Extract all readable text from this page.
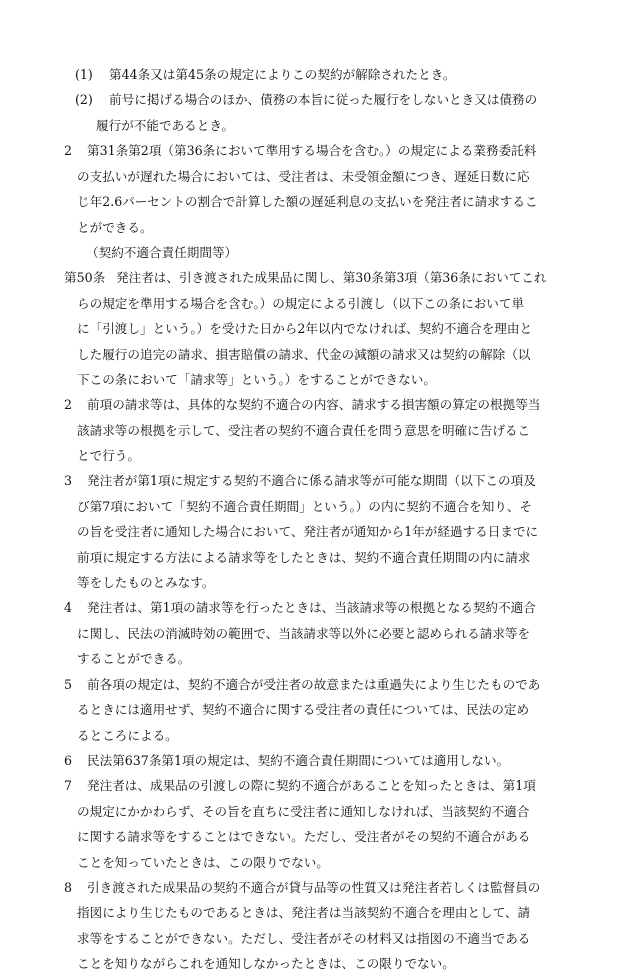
(1) 第44条又は第45条の規定によりこの契約が解除されたとき。
(2) 前号に掲げる場合のほか、債務の本旨に従った履行をしないとき又は債務の
履行が不能であるとき。
2 第31条第2項（第36条において準用する場合を含む。）の規定による業務委託料
の支払いが遅れた場合においては、受注者は、未受領金額につき、遅延日数に応
じ年2.6パーセントの割合で計算した額の遅延利息の支払いを発注者に請求するこ
とができる。
（契約不適合責任期間等）
第50条 発注者は、引き渡された成果品に関し、第30条第3項（第36条においてこれ
らの規定を準用する場合を含む。）の規定による引渡し（以下この条において単
に「引渡し」という。）を受けた日から2年以内でなければ、契約不適合を理由と
した履行の追完の請求、損害賠償の請求、代金の減額の請求又は契約の解除（以
下この条において「請求等」という。）をすることができない。
2 前項の請求等は、具体的な契約不適合の内容、請求する損害額の算定の根拠等当
該請求等の根拠を示して、受注者の契約不適合責任を問う意思を明確に告げるこ
とで行う。
3 発注者が第1項に規定する契約不適合に係る請求等が可能な期間（以下この項及
び第7項において「契約不適合責任期間」という。）の内に契約不適合を知り、そ
の旨を受注者に通知した場合において、発注者が通知から1年が経過する日までに
前項に規定する方法による請求等をしたときは、契約不適合責任期間の内に請求
等をしたものとみなす。
4 発注者は、第1項の請求等を行ったときは、当該請求等の根拠となる契約不適合
に関し、民法の消滅時効の範囲で、当該請求等以外に必要と認められる請求等を
することができる。
5 前各項の規定は、契約不適合が受注者の故意または重過失により生じたものであ
るときには適用せず、契約不適合に関する受注者の責任については、民法の定め
るところによる。
6 民法第637条第1項の規定は、契約不適合責任期間については適用しない。
7 発注者は、成果品の引渡しの際に契約不適合があることを知ったときは、第1項
の規定にかかわらず、その旨を直ちに受注者に通知しなければ、当該契約不適合
に関する請求等をすることはできない。ただし、受注者がその契約不適合がある
ことを知っていたときは、この限りでない。
8 引き渡された成果品の契約不適合が貸与品等の性質又は発注者若しくは監督員の
指図により生じたものであるときは、発注者は当該契約不適合を理由として、請
求等をすることができない。ただし、受注者がその材料又は指図の不適当である
ことを知りながらこれを通知しなかったときは、この限りでない。
